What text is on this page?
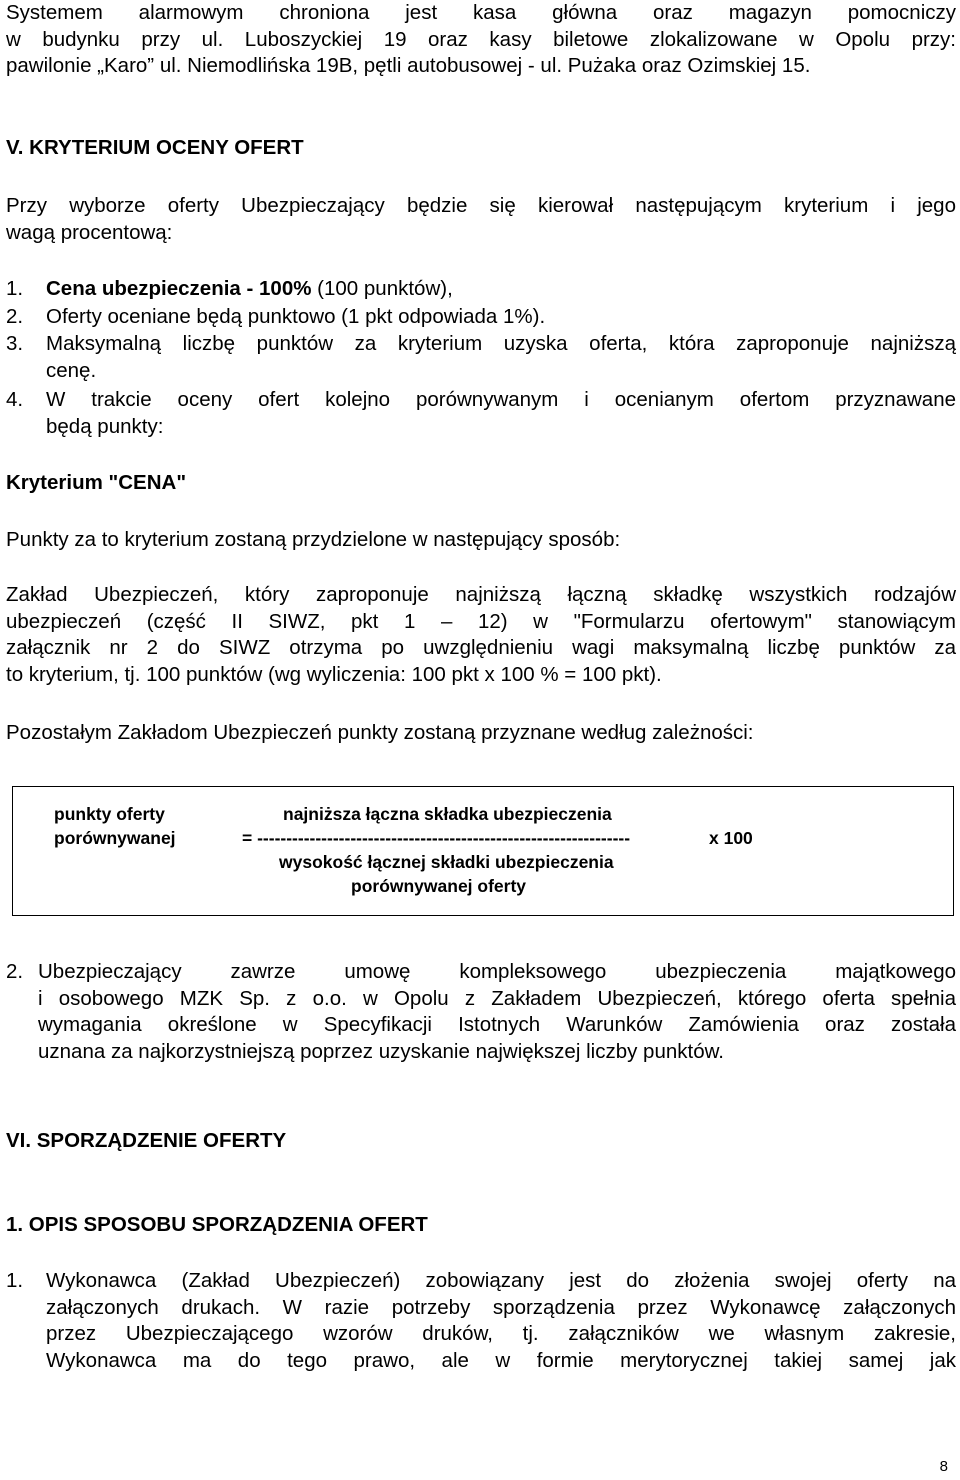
Systemem alarmowym chroniona jest kasa główna oraz magazyn pomocniczy
w budynku przy ul. Luboszyckiej 19 oraz kasy biletowe zlokalizowane w Opolu przy:
pawilonie „Karo” ul. Niemodlińska 19B, pętli autobusowej - ul. Pużaka oraz Ozimskiej 15.
V. KRYTERIUM OCENY OFERT
Przy wyborze oferty Ubezpieczający będzie się kierował następującym kryterium i jego
wagą procentową:
1. Cena ubezpieczenia - 100% (100 punktów),
2. Oferty oceniane będą punktowo (1 pkt odpowiada 1%).
3. Maksymalną liczbę punktów za kryterium uzyska oferta, która zaproponuje najniższą
cenę.
4. W trakcie oceny ofert kolejno porównywanym i ocenianym ofertom przyznawane
będą punkty:
Kryterium "CENA"
Punkty za to kryterium zostaną przydzielone w następujący sposób:
Zakład Ubezpieczeń, który zaproponuje najniższą łączną składkę wszystkich rodzajów
ubezpieczeń (część II SIWZ, pkt 1 – 12) w "Formularzu ofertowym" stanowiącym
załącznik nr 2 do SIWZ otrzyma po uwzględnieniu wagi maksymalną liczbę punktów za
to kryterium, tj. 100 punktów (wg wyliczenia: 100 pkt x 100 % = 100 pkt).
Pozostałym Zakładom Ubezpieczeń punkty zostaną przyznane według zależności:
punkty oferty
porównywanej
najniższa łączna składka ubezpieczenia
= ----------------------------------------------------------------	x 100
wysokość łącznej składki ubezpieczenia
porównywanej oferty
2. Ubezpieczający zawrze umowę kompleksowego ubezpieczenia majątkowego
i osobowego MZK Sp. z o.o. w Opolu z Zakładem Ubezpieczeń, którego oferta spełnia
wymagania określone w Specyfikacji Istotnych Warunków Zamówienia oraz została
uznana za najkorzystniejszą poprzez uzyskanie największej liczby punktów.
VI. SPORZĄDZENIE OFERTY
1. OPIS SPOSOBU SPORZĄDZENIA OFERT
1. Wykonawca (Zakład Ubezpieczeń) zobowiązany jest do złożenia swojej oferty na
załączonych drukach. W razie potrzeby sporządzenia przez Wykonawcę załączonych
przez Ubezpieczającego wzorów druków, tj. załączników we własnym zakresie,
Wykonawca ma do tego prawo, ale w formie merytorycznej takiej samej jak
8
